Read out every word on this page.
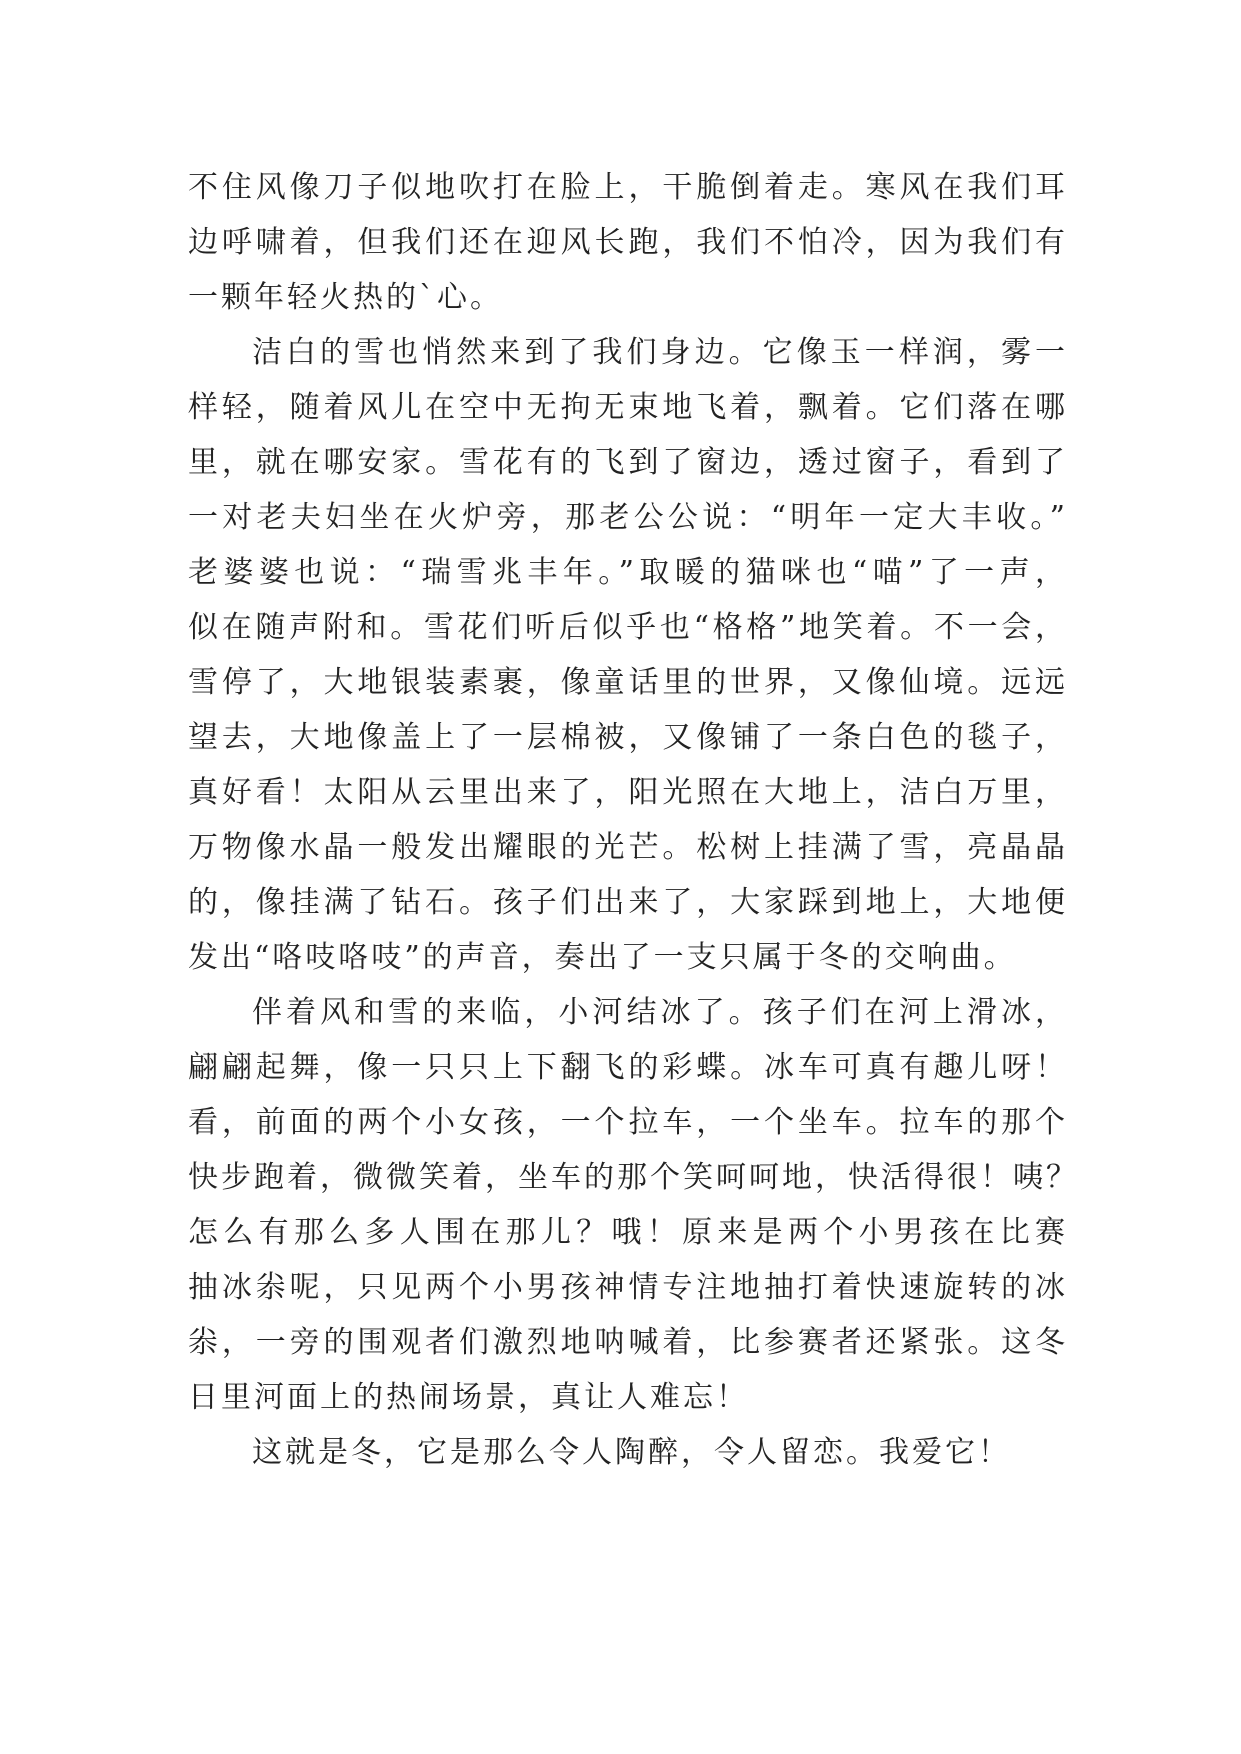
不住风像刀子似地吹打在脸上，干脆倒着走。寒风在我们耳
边呼啸着，但我们还在迎风长跑，我们不怕冷，因为我们有
一颗年轻火热的`心。
洁白的雪也悄然来到了我们身边。它像玉一样润，雾一
样轻，随着风儿在空中无拘无束地飞着，飘着。它们落在哪
里，就在哪安家。雪花有的飞到了窗边，透过窗子，看到了
一对老夫妇坐在火炉旁，那老公公说：“明年一定大丰收。”
老婆婆也说：“瑞雪兆丰年。”取暖的猫咪也“喵”了一声，
似在随声附和。雪花们听后似乎也“格格”地笑着。不一会，
雪停了，大地银装素裹，像童话里的世界，又像仙境。远远
望去，大地像盖上了一层棉被，又像铺了一条白色的毯子，
真好看！太阳从云里出来了，阳光照在大地上，洁白万里，
万物像水晶一般发出耀眼的光芒。松树上挂满了雪，亮晶晶
的，像挂满了钻石。孩子们出来了，大家踩到地上，大地便
发出“咯吱咯吱”的声音，奏出了一支只属于冬的交响曲。
伴着风和雪的来临，小河结冰了。孩子们在河上滑冰，
翩翩起舞，像一只只上下翻飞的彩蝶。冰车可真有趣儿呀！
看，前面的两个小女孩，一个拉车，一个坐车。拉车的那个
快步跑着，微微笑着，坐车的那个笑呵呵地，快活得很！咦？
怎么有那么多人围在那儿？哦！原来是两个小男孩在比赛
抽冰尜呢，只见两个小男孩神情专注地抽打着快速旋转的冰
尜，一旁的围观者们激烈地呐喊着，比参赛者还紧张。这冬
日里河面上的热闹场景，真让人难忘！
这就是冬，它是那么令人陶醉，令人留恋。我爱它！
